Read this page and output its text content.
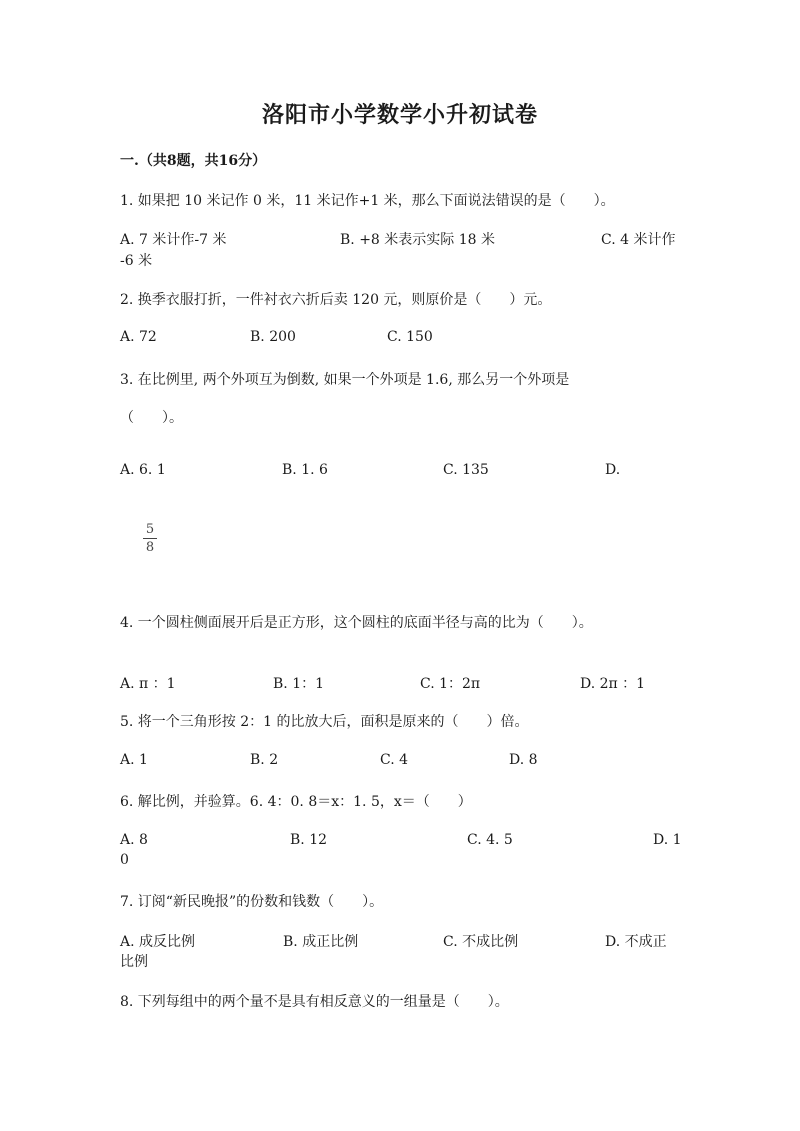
洛阳市小学数学小升初试卷
一.（共8题，共16分）
1. 如果把 10 米记作 0 米，11 米记作+1 米，那么下面说法错误的是（　　）。
A. 7 米计作-7 米	B. +8 米表示实际 18 米	C. 4 米计作
-6 米
2. 换季衣服打折，一件衬衣六折后卖 120 元，则原价是（　　）元。
A. 72	B. 200	C. 150
3. 在比例里, 两个外项互为倒数, 如果一个外项是 1.6, 那么另一个外项是
（　　）。
A. 6. 1	B. 1. 6	C. 135	D.
5
8
4. 一个圆柱侧面展开后是正方形，这个圆柱的底面半径与高的比为（　　）。
A. π ：1	B. 1：1	C. 1：2π	D. 2π ：1
5. 将一个三角形按 2：1 的比放大后，面积是原来的（　　）倍。
A. 1	B. 2	C. 4	D. 8
6. 解比例，并验算。6. 4：0. 8＝x：1. 5，x＝（　　）
A. 8	B. 12	C. 4. 5	D. 1
0
7. 订阅“新民晚报”的份数和钱数（　　）。
A. 成反比例	B. 成正比例	C. 不成比例	D. 不成正
比例
8. 下列每组中的两个量不是具有相反意义的一组量是（　　）。
